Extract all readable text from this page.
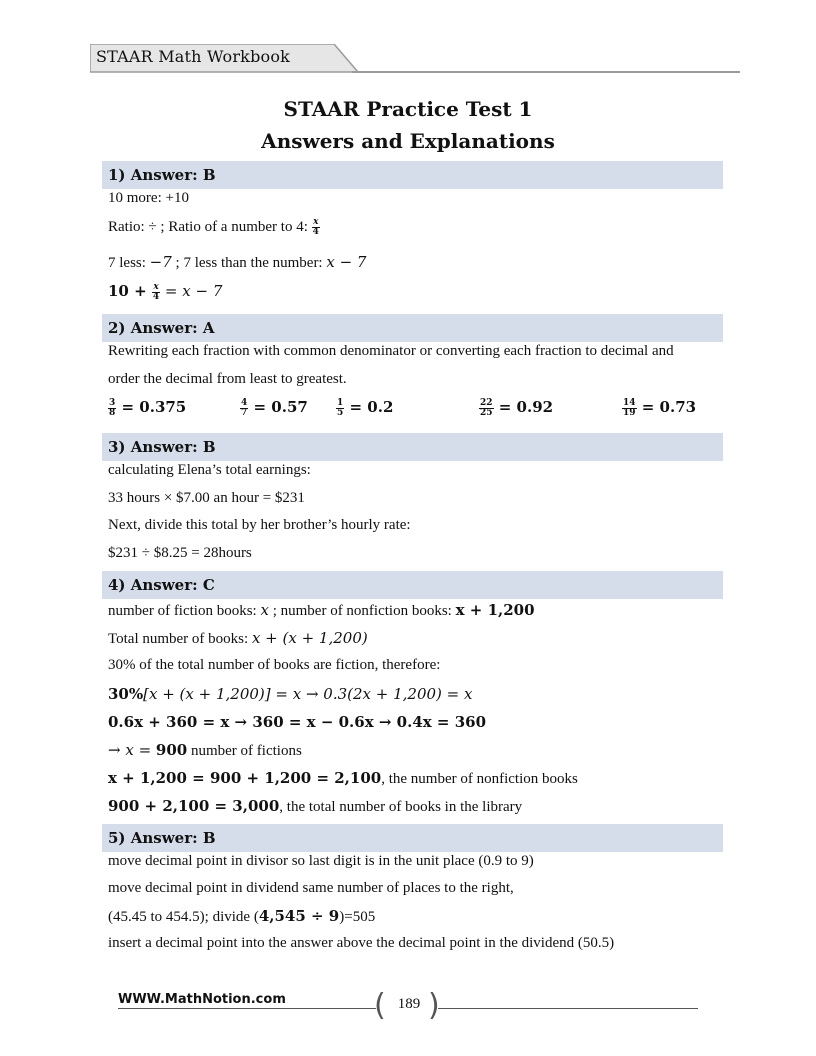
STAAR Math Workbook
STAAR Practice Test 1
Answers and Explanations
1) Answer: B
10 more: +10
Ratio: ÷ ; Ratio of a number to 4: $\frac{x}{4}$
7 less: −7 ; 7 less than the number: x − 7
$10 + \frac{x}{4} = x - 7$
2) Answer: A
Rewriting each fraction with common denominator or converting each fraction to decimal and
order the decimal from least to greatest.
$\frac{3}{8} = 0.375$	$\frac{4}{7} = 0.57$	$\frac{1}{5} = 0.2$	$\frac{22}{25} = 0.92$	$\frac{14}{19} = 0.73$
3) Answer: B
calculating Elena’s total earnings:
33 hours × $7.00 an hour = $231
Next, divide this total by her brother’s hourly rate:
$231 ÷ $8.25 = 28hours
4) Answer: C
number of fiction books: x ; number of nonfiction books: x + 1,200
Total number of books: x + (x + 1,200)
30% of the total number of books are fiction, therefore:
30%[x + (x + 1,200)] = x → 0.3(2x + 1,200) = x
0.6x + 360 = x → 360 = x − 0.6x → 0.4x = 360
→ x = 900 number of fictions
x + 1,200 = 900 + 1,200 = 2,100, the number of nonfiction books
900 + 2,100 = 3,000, the total number of books in the library
5) Answer: B
move decimal point in divisor so last digit is in the unit place (0.9 to 9)
move decimal point in dividend same number of places to the right,
(45.45 to 454.5); divide (4,545 ÷ 9)=505
insert a decimal point into the answer above the decimal point in the dividend (50.5)
WWW.MathNotion.com	( )
189
